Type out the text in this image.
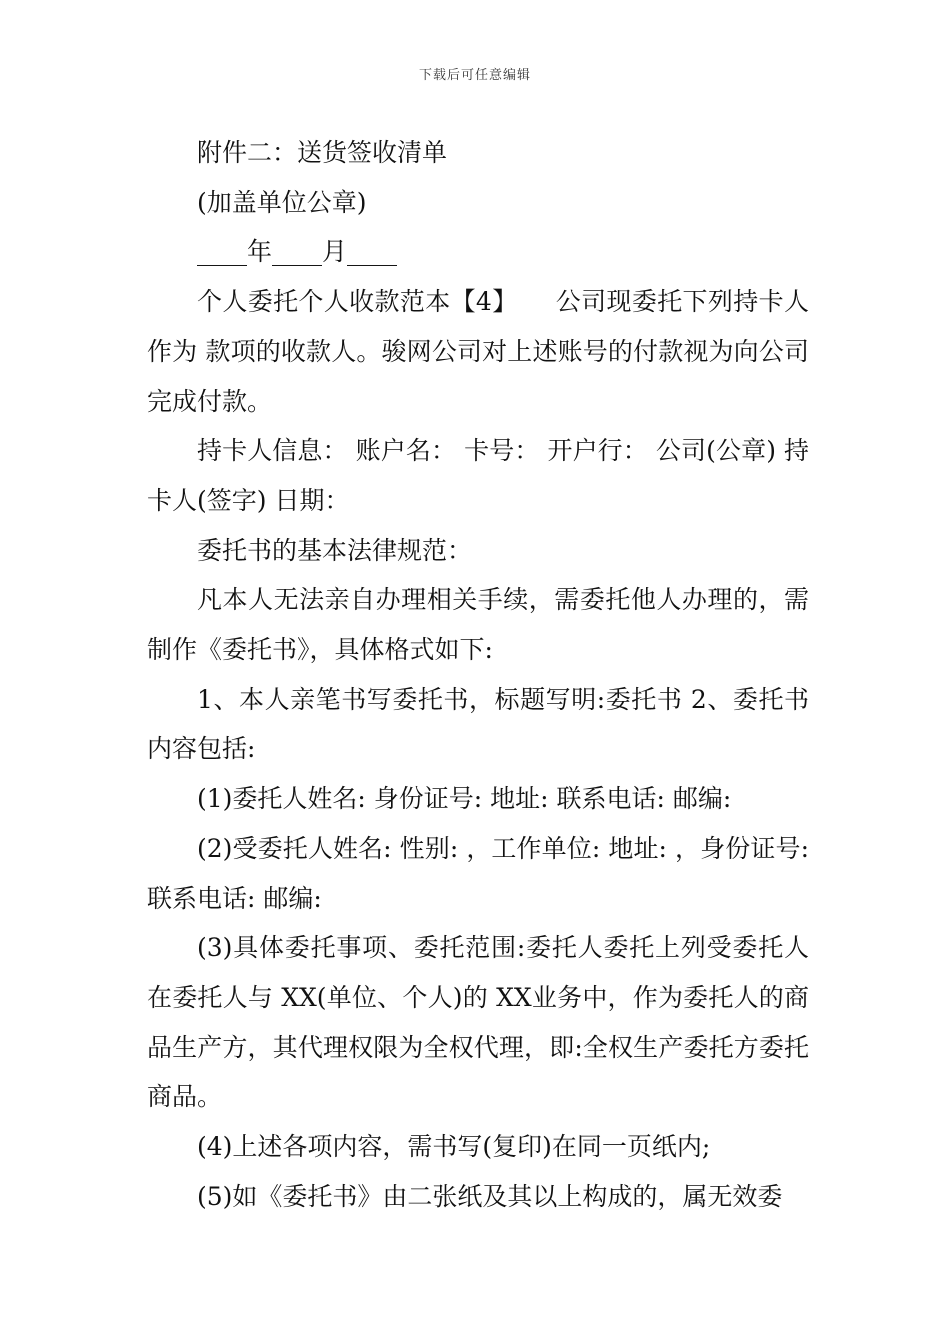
下载后可任意编辑

附件二：送货签收清单

(加盖单位公章)

____年____月____

个人委托个人收款范本【4】　　公司现委托下列持卡人作为 款项的收款人。骏网公司对上述账号的付款视为向公司完成付款。

持卡人信息： 账户名： 卡号： 开户行： 公司(公章) 持卡人(签字) 日期：

委托书的基本法律规范：

凡本人无法亲自办理相关手续，需委托他人办理的，需制作《委托书》，具体格式如下:

1、本人亲笔书写委托书，标题写明:委托书 2、委托书内容包括:

(1)委托人姓名: 身份证号: 地址: 联系电话: 邮编:

(2)受委托人姓名: 性别: ，工作单位: 地址: ，身份证号: 联系电话: 邮编:

(3)具体委托事项、委托范围:委托人委托上列受委托人在委托人与 XX(单位、个人)的 XX业务中，作为委托人的商品生产方，其代理权限为全权代理，即:全权生产委托方委托商品。

(4)上述各项内容，需书写(复印)在同一页纸内;

(5)如《委托书》由二张纸及其以上构成的，属无效委
